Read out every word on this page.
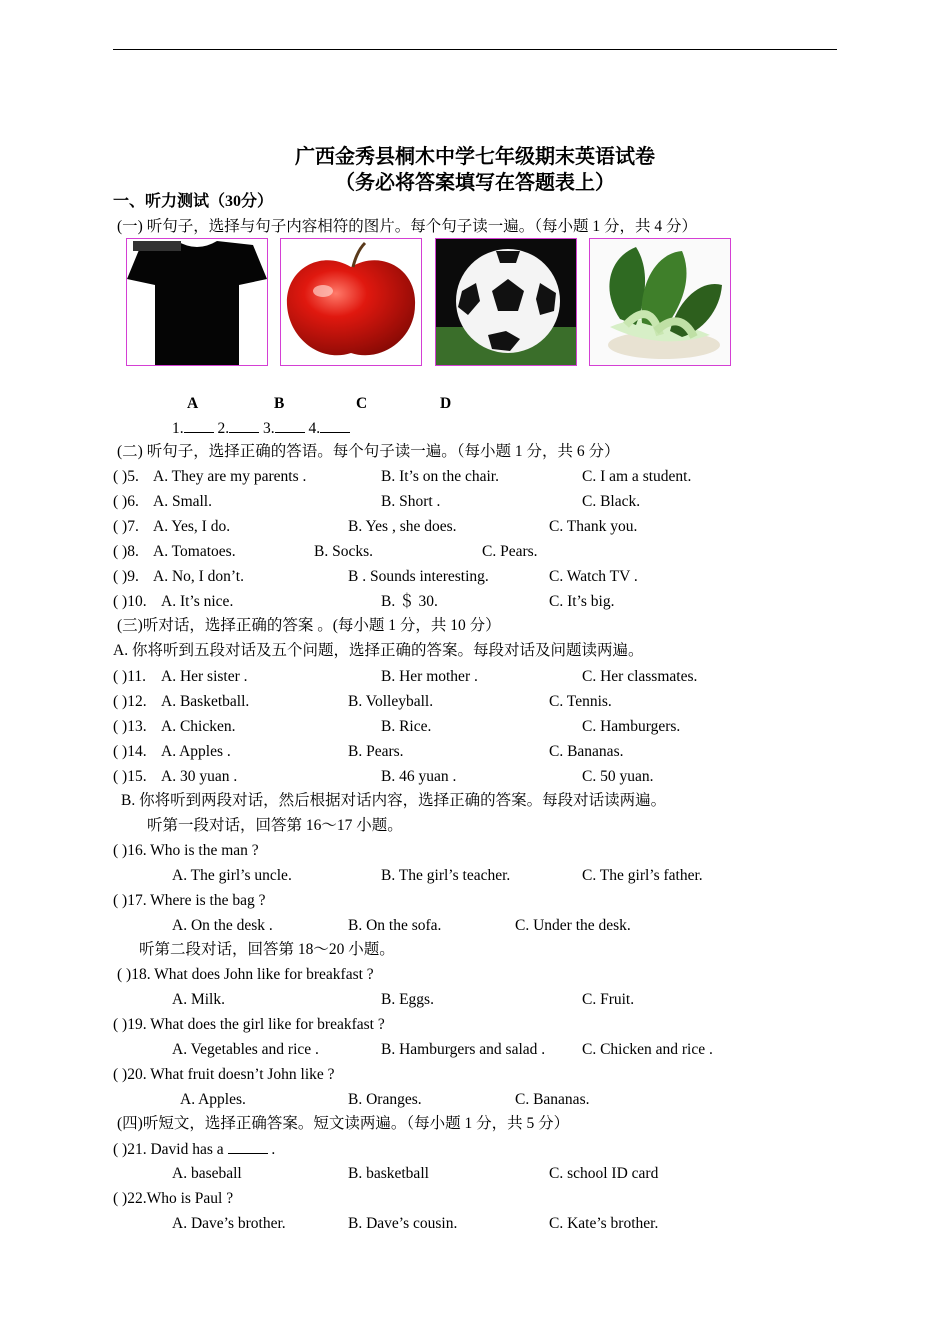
广西金秀县桐木中学七年级期末英语试卷
（务必将答案填写在答题表上）
一、听力测试（30分）
(一) 听句子，选择与句子内容相符的图片。每个句子读一遍。（每小题 1 分，共 4 分）
A	B	C	D
1. 2. 3. 4.
(二) 听句子，选择正确的答语。每个句子读一遍。（每小题 1 分，共 6 分）
( )5. A. They are my parents .	B. It’s on the chair.	C. I am a student.
( )6. A. Small.	B. Short .	C. Black.
( )7. A. Yes, I do.	B. Yes , she does.	C. Thank you.
( )8. A. Tomatoes.	B. Socks.	C. Pears.
( )9. A. No, I don’t.	B . Sounds interesting.	C. Watch TV .
( )10. A. It’s nice.	B. ＄ 30.	C. It’s big.
(三)听对话，选择正确的答案 。(每小题 1 分，共 10 分）
A. 你将听到五段对话及五个问题，选择正确的答案。每段对话及问题读两遍。
( )11. A. Her sister .	B. Her mother .	C. Her classmates.
( )12. A. Basketball.	B. Volleyball.	C. Tennis.
( )13. A. Chicken.	B. Rice.	C. Hamburgers.
( )14. A. Apples .	B. Pears.	C. Bananas.
( )15. A. 30 yuan .	B. 46 yuan .	C. 50 yuan.
B. 你将听到两段对话，然后根据对话内容，选择正确的答案。每段对话读两遍。
听第一段对话，回答第 16～17 小题。
( )16. Who is the man ?
A. The girl’s uncle.	B. The girl’s teacher.	C. The girl’s father.
( )17. Where is the bag ?
A. On the desk .	B. On the sofa.	C. Under the desk.
听第二段对话，回答第 18～20 小题。
( )18. What does John like for breakfast ?
A. Milk.	B. Eggs.	C. Fruit.
( )19. What does the girl like for breakfast ?
A. Vegetables and rice .	B. Hamburgers and salad . C. Chicken and rice .
( )20. What fruit doesn’t John like ?
A. Apples.	B. Oranges.	C. Bananas.
(四)听短文，选择正确答案。短文读两遍。（每小题 1 分，共 5 分）
( )21. David has a	.
A. baseball	B. basketball	C. school ID card
( )22.Who is Paul ?
A. Dave’s brother.	B. Dave’s cousin.	C. Kate’s brother.
